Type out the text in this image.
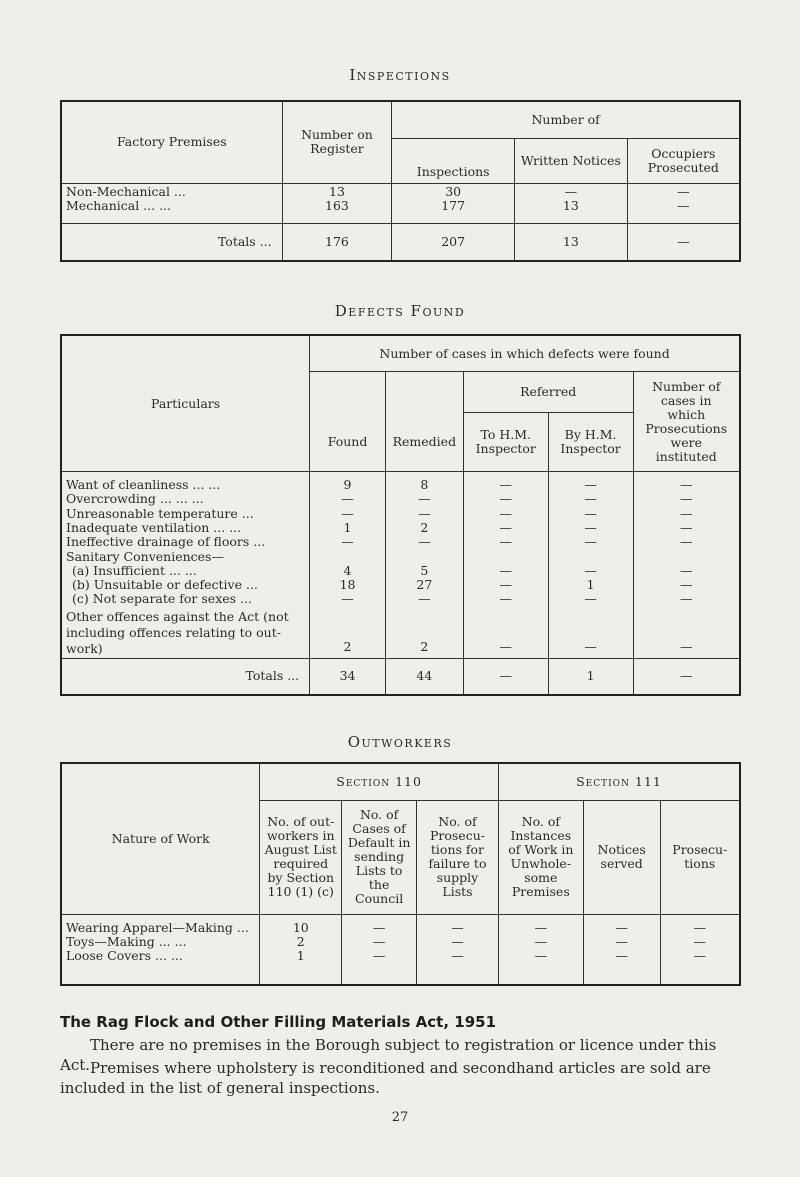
Inspections
Factory Premises	Number on Register	Number of		
		Inspections	Written Notices	Occupiers Prosecuted
Non-Mechanical ...	13	30	—	—
Mechanical ... ...	163	177	13	—
Totals ...	176	207	13	—
Defects Found
Particulars	Number of cases in which defects were found				
	Found	Remedied	Referred		Number of cases in which Prosecutions were instituted
			To H.M. Inspector	By H.M. Inspector	
Want of cleanliness ... ...	9	8	—	—	—
Overcrowding ... .	—	—	—	—	—
Unreasonable temperature ...	—	—	—	—	—
Inadequate ventilation ... ...	1	2	—	—	—
Ineffective drainage of floors ...	—	—	—	—	—
Sanitary Conveniences—					
(a) Insufficient ... ...	4	5	—	—	—
(b) Unsuitable or defective ...	18	27	—	1	—
(c) Not separate for sexes ...	—	—	—	—	—
Other offences against the Act (not including offences relating to out-work)	2	2	—	—	—
Totals ...	34	44	—	1	—
Outworkers
Nature of Work	Section 110			Section 111		
	No. of out-workers in August List required by Section 110 (1) (c)	No. of Cases of Default in sending Lists to the Council	No. of Prosecu-tions for failure to supply Lists	No. of Instances of Work in Unwhole-some Premises	Notices served	Prosecu-tions
Wearing Apparel—Making ...	10	—	—	—	—	—
Toys—Making ... ...	2	—	—	—	—	—
Loose Covers ... ...	1	—	—	—	—	—
The Rag Flock and Other Filling Materials Act, 1951
There are no premises in the Borough subject to registration or licence under this Act. Premises where upholstery is reconditioned and secondhand articles are sold are included in the list of general inspections.
27
